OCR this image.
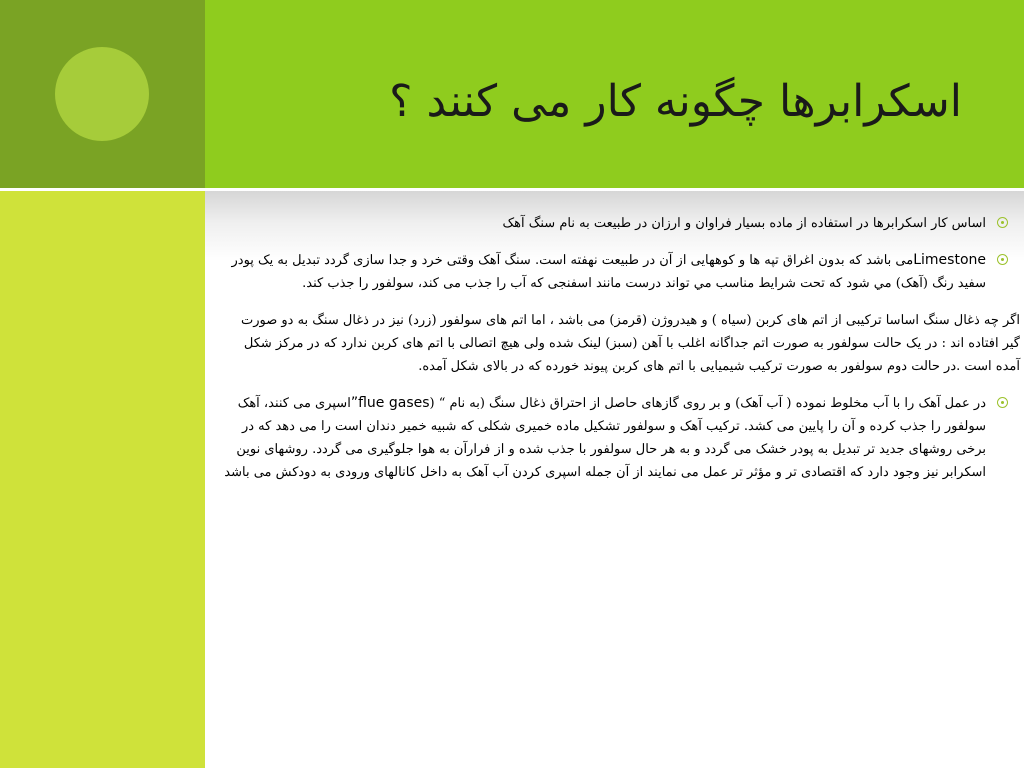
اسکرابرها چگونه کار می کنند ؟

اساس کار اسکرابرها در استفاده از ماده بسیار فراوان و ارزان در طبیعت به نام سنگ آهک

Limestoneمی باشد که بدون اغراق تپه ها و کوههایی از آن در طبیعت نهفته است. سنگ آهک وقتی خرد و جدا سازی گردد تبدیل به یک پودر سفید رنگ (آهک) مي شود که تحت شرايط مناسب مي تواند درست مانند اسفنجی که آب را جذب می کند، سولفور را جذب کند.

اگر چه ذغال سنگ اساسا ترکیبی از اتم های کربن (سیاه ) و هیدروژن (قرمز) می باشد ، اما اتم های سولفور (زرد) نیز در ذغال سنگ به دو صورت گیر افتاده اند : در یک حالت سولفور به صورت اتم جداگانه اغلب با آهن (سبز) لینک شده ولی هیچ اتصالی با اتم های کربن ندارد که در مرکز شکل آمده است .در حالت دوم سولفور به صورت ترکیب شیمیایی با اتم های کربن پیوند خورده که در بالای شکل آمده.

در عمل آهک را با آب مخلوط نموده ( آب آهک) و بر روی گازهای حاصل از احتراق ذغال سنگ (به نام “ (flue gases”اسپری می کنند، آهک سولفور را جذب کرده و آن را پایین می کشد. ترکیب آهک و سولفور تشکیل ماده خمیری شکلی که شبیه خمیر دندان است را می دهد که در برخی روشهای جدید تر تبدیل به پودر خشک می گردد و به هر حال سولفور با جذب شده و از فرارآن به هوا جلوگیری می گردد. روشهای نوین اسکرابر نیز وجود دارد که اقتصادی تر و مؤثر تر عمل می نمایند از آن جمله اسپری کردن آب آهک به داخل کانالهای ورودی به دودکش می باشد
